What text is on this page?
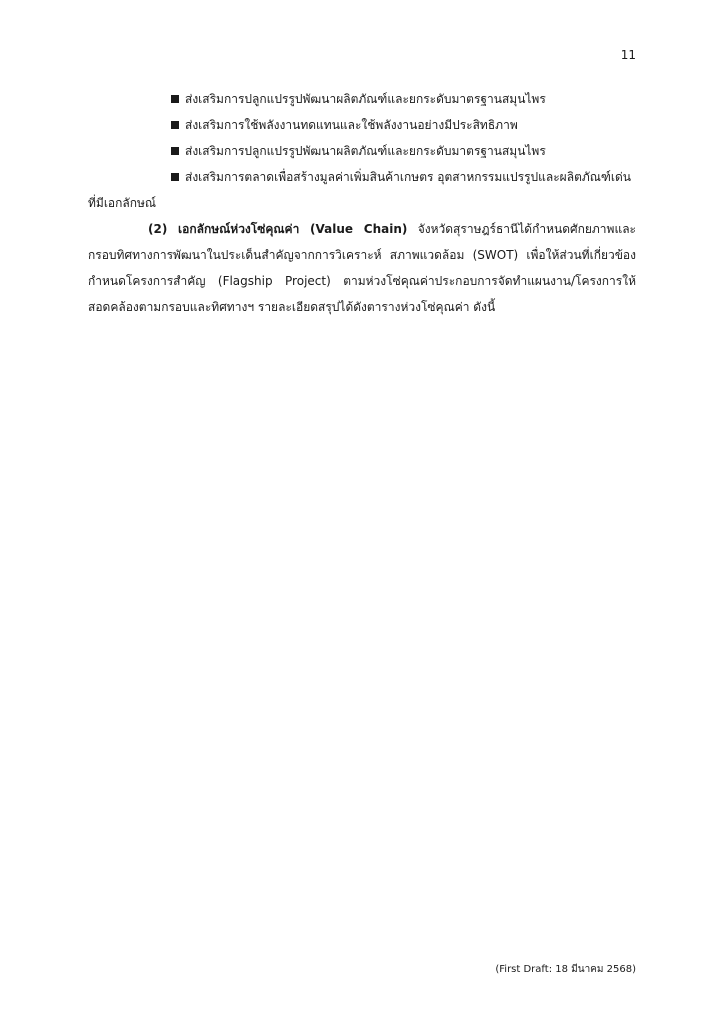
11
ส่งเสริมการปลูกแปรรูปพัฒนาผลิตภัณฑ์และยกระดับมาตรฐานสมุนไพร
ส่งเสริมการใช้พลังงานทดแทนและใช้พลังงานอย่างมีประสิทธิภาพ
ส่งเสริมการปลูกแปรรูปพัฒนาผลิตภัณฑ์และยกระดับมาตรฐานสมุนไพร
ส่งเสริมการตลาดเพื่อสร้างมูลค่าเพิ่มสินค้าเกษตร อุตสาหกรรมแปรรูปและผลิตภัณฑ์เด่น

ที่มีเอกลักษณ์

(2) เอกลักษณ์ห่วงโซ่คุณค่า (Value Chain) จังหวัดสุราษฎร์ธานีได้กำหนดศักยภาพและกรอบทิศทางการพัฒนาในประเด็นสำคัญจากการวิเคราะห์ สภาพแวดล้อม (SWOT) เพื่อให้ส่วนที่เกี่ยวข้องกำหนดโครงการสำคัญ (Flagship Project) ตามห่วงโซ่คุณค่าประกอบการจัดทำแผนงาน/โครงการให้สอดคล้องตามกรอบและทิศทางฯ รายละเอียดสรุปได้ดังตารางห่วงโซ่คุณค่า ดังนี้

(First Draft: 18 มีนาคม 2568)
